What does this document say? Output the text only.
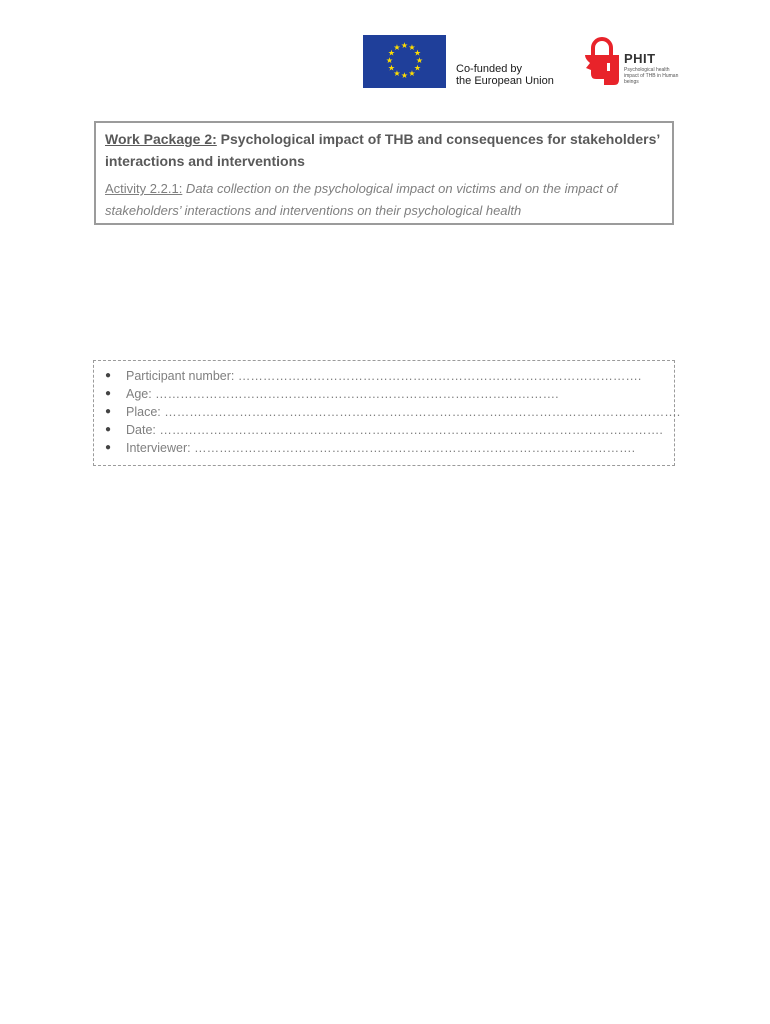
★ ★
★
★
★
★
★
★
★
★
★
★
Co-funded by
the European Union
PHIT
Psychological health impact of THB in Human beings
Work Package 2: Psychological impact of THB and consequences for stakeholders’ interactions and interventions
Activity 2.2.1: Data collection on the psychological impact on victims and on the impact of stakeholders’ interactions and interventions on their psychological health
● Participant number: …………………………………………………………………………………….
● Age: …………………………………………………………………………………….
● Place: …………………………………………………………………………………………………………….
● Date: ………………………………………………………………………………………………………….
● Interviewer: …………………………………………………………………………………………….
